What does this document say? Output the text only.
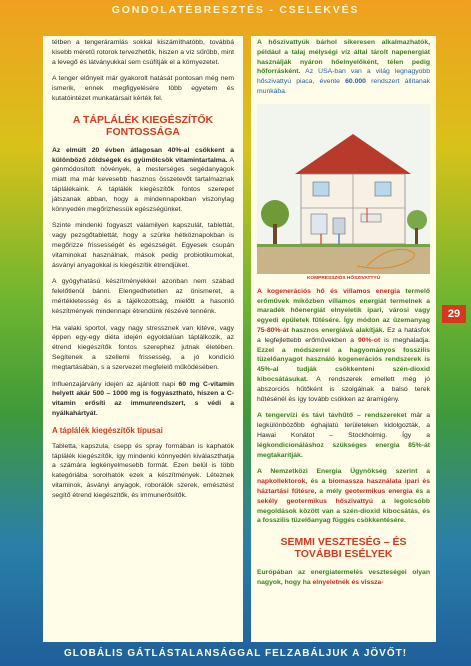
GONDOLATÉBRESZTÉS - CSELEKVÉS

tétben a tengeráramlás sokkal kiszámíthatóbb, továbbá kisebb méretű rotorok tervezhetők, hiszen a víz sűrűbb, mint a levegő és látványukkal sem csúfítják el a környezetet.

A tenger előnyeit már gyakorolt hatását pontosan még nem ismerik, ennek megfigyelésére több egyetem és kutatóintézet munkatársait kérték fel.

A TÁPLÁLÉK KIEGÉSZÍTŐK FONTOSSÁGA

Az elmúlt 20 évben átlagosan 40%-al csökkent a különböző zöldségek és gyümölcsök vitamintartalma. A génmódosított növények, a mesterséges segédanyagok miatt ma már kevesebb hasznos összetevőt tartalmaznak táplálékaink. A táplálék kiegészítők fontos szerepet játszanak abban, hogy a mindennapokban viszonylag könnyedén megőrizhessük egészségünket.

Szinte mindenki fogyaszt valamilyen kapszulát, tablettát, vagy pezsgőtablettát, hogy a szürke hétköznapokban is megőrizze frissességét és egészségét. Egyesek csupán vitaminokat használnak, mások pedig probiotikumokat, ásványi anyagokkal is kiegészítik étrendjüket.

A gyógyhatású készítményekkel azonban nem szabad felelőtlenül bánni. Elengedhetetlen az önismeret, a mértékletesség és a tájékozottság, mielőtt a hasonló készítmények mindennapi étrendünk részévé tennénk.

Ha valaki sportol, vagy nagy stressznek van kitéve, vagy éppen egy-egy diéta idején egyoldalúan táplálkozik, az étrend kiegészítők fontos szerephez jutnak életében. Segítenek a szellemi frissesség, a jó kondíció megtartásában, s a szervezet megfelelő működésében.

Influenzajárvány idején az ajánlott napi 60 mg C-vitamin helyett akár 500 – 1000 mg is fogyasztható, hiszen a C-vitamin erősíti az immunrendszert, s védi a nyálkahártyát.

A táplálék kiegészítők típusai

Tabletta, kapszula, csepp és spray formában is kaphatók táplálék kiegészítők, így mindenki könnyedén kiválaszthatja a számára legkényelmesebb formát. Ezen belül is több kategóriába sorolhatók ezek a készítmények. Léteznek vitaminok, ásványi anyagok, roborálók szerek, emésztést segítő étrend kiegészítők, és immunerősítők.

A hőszivattyúk bárhol sikeresen alkalmazhatók, például a talaj mélységi víz által tárolt napenergiát használják nyáron hőelnyelőként, télen pedig hőforrásként. Az USA-ban van a világ legnagyobb hőszivattyú piaca, évente 60.000 rendszert állítanak munkába.

KOMPRESSZIÓS HŐSZIVATTYÚ

A kogenerációs hő és villamos energia termelő erőművek miközben villamos energiát termelnek a maradék hőenergiát elnyeletik ipari, városi vagy egyedi épületek fűtésére. Így módon az üzemanyag 75-80%-át hasznos energiává alakítják. Ez a hatásfok a legfejlettebb erőművekben a 90%-ot is meghaladja. Ezzel a módszerrel a hagyományos fosszilis tüzelőanyagot használó kogenerációs rendszerek is 45%-al tudják csökkenteni szén-dioxid kibocsátásukat. A rendszerek emellett még jó abszorciós hűtőként is szolgálnak a balsó terek hűtésénél és így tovább csökken az áramigény.

A tengervízi és távi távhűtő – rendszereket már a legkülönbözőbb éghajlatú területeken kidolgozták, a Hawai Konátot – Stockholmig. Így a légkondicionáláshoz szükséges energia 85%-át megtakarítják.

A Nemzetközi Energia Ügynökség szerint a napkollektorok, és a biomassza használata ipari és háztartási fűtésre, a mély geotermikus energia és a sekély geotermikus hőszivattyú a legolcsóbb megoldások között van a szén-dioxid kibocsátás, és a fosszilis tüzelőanyag függés csökkentésére.

SEMMI VESZTESÉG – ÉS TOVÁBBI ESÉLYEK

Európában az energiatermelés veszteségei olyan nagyok, hogy ha elnyeletnék és vissza-

29
GLOBÁLIS GÁTLÁSTALANSÁGGAL FELZABÁLJUK A JÖVŐT!
